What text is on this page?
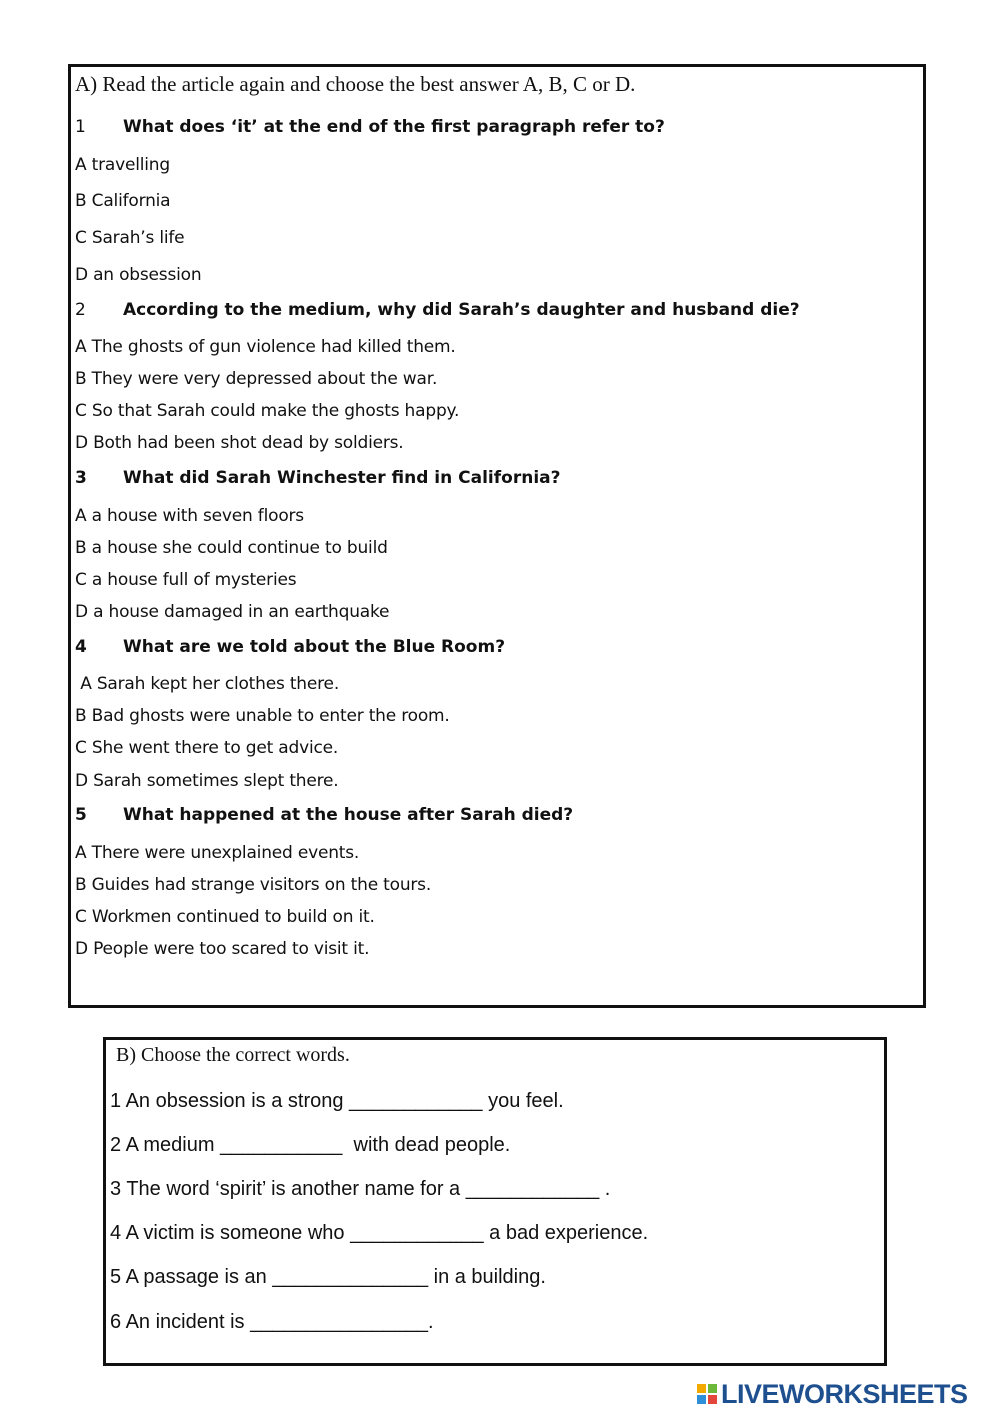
A) Read the article again and choose the best answer A, B, C or D.
1 What does ‘it’ at the end of the first paragraph refer to?
A travelling
B California
C Sarah’s life
D an obsession
2 According to the medium, why did Sarah’s daughter and husband die?
A The ghosts of gun violence had killed them.
B They were very depressed about the war.
C So that Sarah could make the ghosts happy.
D Both had been shot dead by soldiers.
3 What did Sarah Winchester find in California?
A a house with seven floors
B a house she could continue to build
C a house full of mysteries
D a house damaged in an earthquake
4 What are we told about the Blue Room?
A Sarah kept her clothes there.
B Bad ghosts were unable to enter the room.
C She went there to get advice.
D Sarah sometimes slept there.
5 What happened at the house after Sarah died?
A There were unexplained events.
B Guides had strange visitors on the tours.
C Workmen continued to build on it.
D People were too scared to visit it.
B) Choose the correct words.
1 An obsession is a strong ____________ you feel.
2 A medium ___________  with dead people.
3 The word ‘spirit’ is another name for a ____________ .
4 A victim is someone who ____________ a bad experience.
5 A passage is an ______________ in a building.
6 An incident is ________________.
LIVEWORKSHEETS
